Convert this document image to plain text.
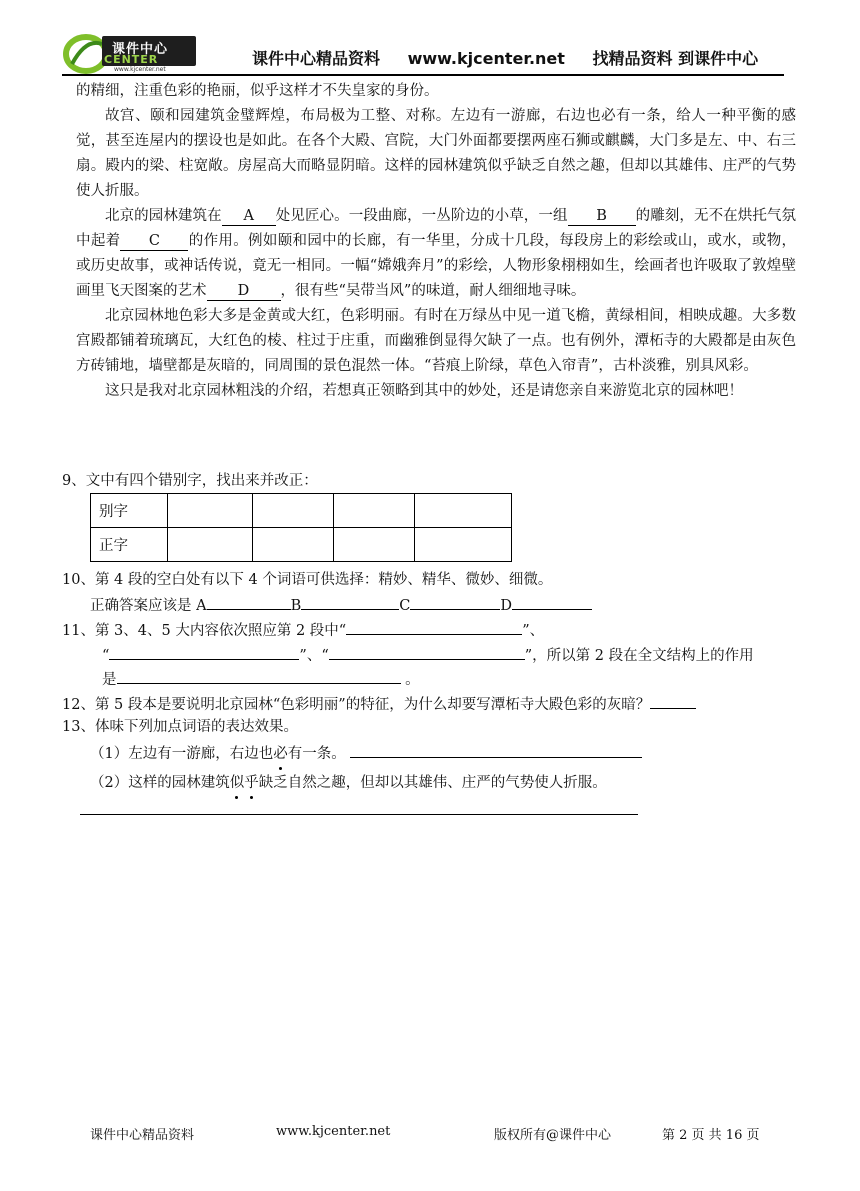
课件中心
CENTER
www.kjcenter.net
课件中心精品资料 www.kjcenter.net 找精品资料 到课件中心

的精细，注重色彩的艳丽，似乎这样才不失皇家的身份。

故宫、颐和园建筑金璧辉煌，布局极为工整、对称。左边有一游廊，右边也必有一条，给人一种平衡的感觉，甚至连屋内的摆设也是如此。在各个大殿、宫院，大门外面都要摆两座石狮或麒麟，大门多是左、中、右三扇。殿内的梁、柱宽敞。房屋高大而略显阴暗。这样的园林建筑似乎缺乏自然之趣，但却以其雄伟、庄严的气势使人折服。

北京的园林建筑在 A 处见匠心。一段曲廊，一丛阶边的小草，一组 B 的雕刻，无不在烘托气氛中起着 C 的作用。例如颐和园中的长廊，有一华里，分成十几段，每段房上的彩绘或山，或水，或物，或历史故事，或神话传说，竟无一相同。一幅“嫦娥奔月”的彩绘，人物形象栩栩如生，绘画者也许吸取了敦煌壁画里飞天图案的艺术 D ，很有些“吴带当风”的味道，耐人细细地寻味。

北京园林地色彩大多是金黄或大红，色彩明丽。有时在万绿丛中见一道飞檐，黄绿相间，相映成趣。大多数宫殿都铺着琉璃瓦，大红色的棱、柱过于庄重，而幽雅倒显得欠缺了一点。也有例外，潭柘寺的大殿都是由灰色方砖铺地，墙壁都是灰暗的，同周围的景色混然一体。“苔痕上阶绿，草色入帘青”，古朴淡雅，别具风彩。

这只是我对北京园林粗浅的介绍，若想真正领略到其中的妙处，还是请您亲自来游览北京的园林吧！

9、文中有四个错别字，找出来并改正：
别字				
正字				
10、第 4 段的空白处有以下 4 个词语可供选择：精妙、精华、微妙、细微。
正确答案应该是 A	B	C	D
11、第 3、4、5 大内容依次照应第 2 段中“	”、
“	”、“	”，所以第 2 段在全文结构上的作用
是	。
12、第 5 段本是要说明北京园林“色彩明丽”的特征，为什么却要写潭柘寺大殿色彩的灰暗？
13、体味下列加点词语的表达效果。
（1）左边有一游廊，右边也必有一条。
（2）这样的园林建筑似乎缺乏自然之趣，但却以其雄伟、庄严的气势使人折服。
课件中心精品资料	www.kjcenter.net	版权所有@课件中心	第 2 页 共 16 页
